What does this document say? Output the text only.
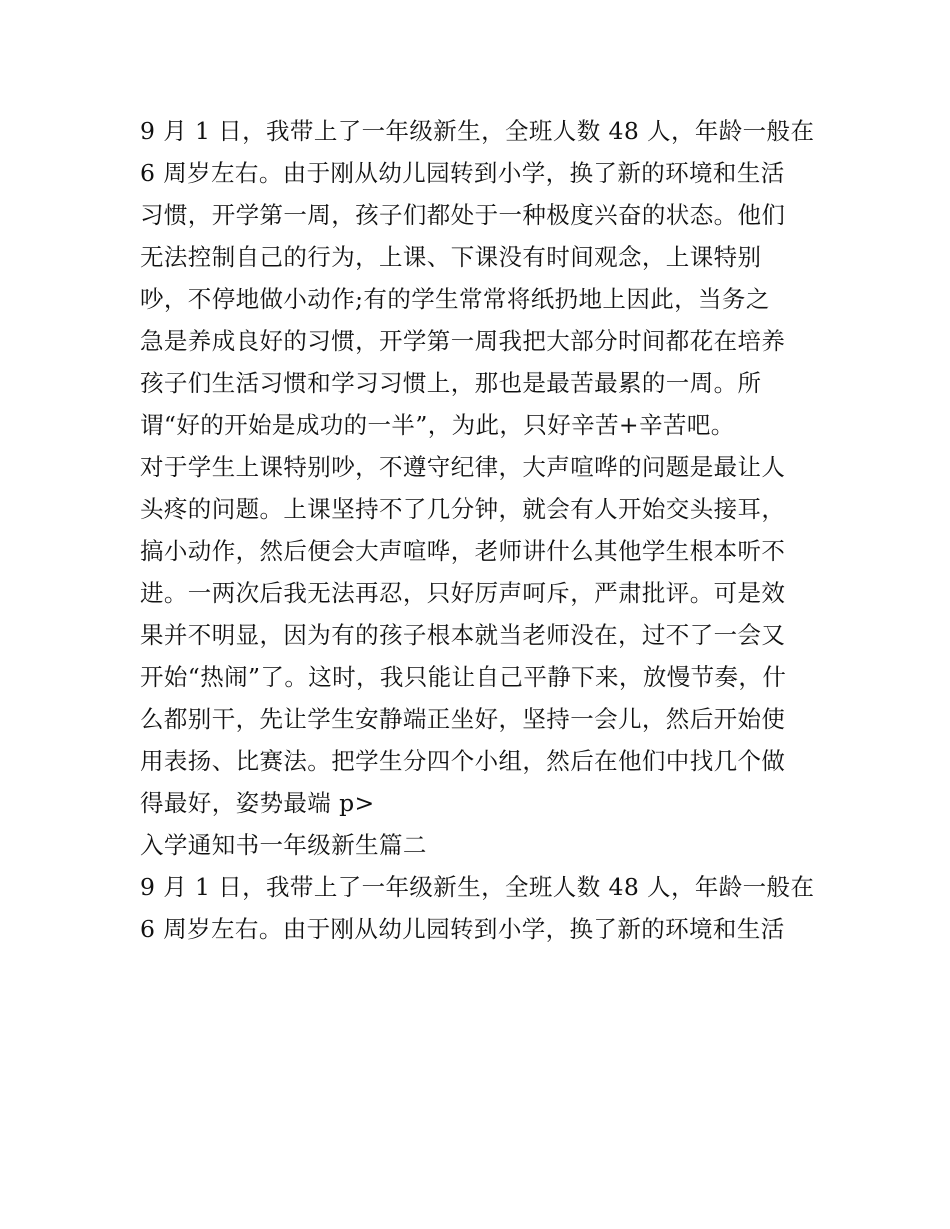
9 月 1 日，我带上了一年级新生，全班人数 48 人，年龄一般在
6 周岁左右。由于刚从幼儿园转到小学，换了新的环境和生活
习惯，开学第一周，孩子们都处于一种极度兴奋的状态。他们
无法控制自己的行为，上课、下课没有时间观念，上课特别
吵，不停地做小动作;有的学生常常将纸扔地上因此，当务之
急是养成良好的习惯，开学第一周我把大部分时间都花在培养
孩子们生活习惯和学习习惯上，那也是最苦最累的一周。所
谓“好的开始是成功的一半”，为此，只好辛苦+辛苦吧。
对于学生上课特别吵，不遵守纪律，大声喧哗的问题是最让人
头疼的问题。上课坚持不了几分钟，就会有人开始交头接耳，
搞小动作，然后便会大声喧哗，老师讲什么其他学生根本听不
进。一两次后我无法再忍，只好厉声呵斥，严肃批评。可是效
果并不明显，因为有的孩子根本就当老师没在，过不了一会又
开始“热闹”了。这时，我只能让自己平静下来，放慢节奏，什
么都别干，先让学生安静端正坐好，坚持一会儿，然后开始使
用表扬、比赛法。把学生分四个小组，然后在他们中找几个做
得最好，姿势最端 p>
入学通知书一年级新生篇二
9 月 1 日，我带上了一年级新生，全班人数 48 人，年龄一般在
6 周岁左右。由于刚从幼儿园转到小学，换了新的环境和生活
